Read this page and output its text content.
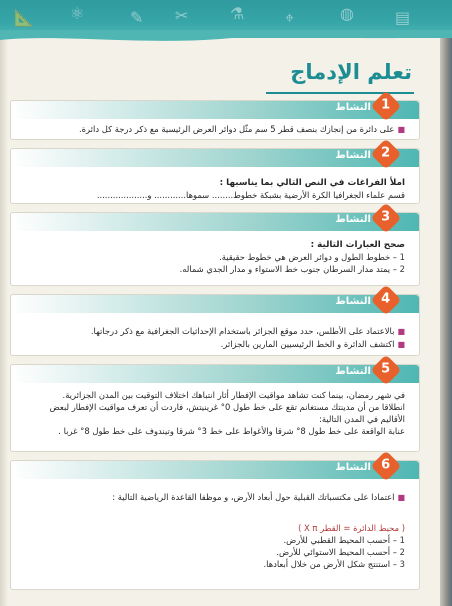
📐 ⚛	✎ ✂	⚗	⌖	◍	▤
تعلم الإدماج
النشاط 1
■على دائرة من إنجازك بنصف قطر 5 سم مثّل دوائر العرض الرئيسية مع ذكر درجة كل دائرة.
النشاط 2
املأ الفراغات في النص التالي بما يناسبها :
قسم علماء الجغرافيا الكرة الأرضية بشبكة خطوط........ سموها............ و...................
النشاط 3
صحح العبارات التالية :
1 – خطوط الطول و دوائر العرض هي خطوط حقيقية.
2 – يمتد مدار السرطان جنوب خط الاستواء و مدار الجدي شماله.
النشاط 4
■بالاعتماد على الأطلس، حدد موقع الجزائر باستخدام الإحداثيات الجغرافية مع ذكر درجاتها.
■اكتشف الدائرة و الخط الرئيسيين المارين بالجزائر.
النشاط 5
في شهر رمضان، بينما كنت تشاهد مواقيت الإفطار أثار انتباهك اختلاف التوقيت بين المدن الجزائرية.
انطلاقا من أن مدينتك مستغانم تقع على خط طول 0° غرينيتش، فاردت أن تعرف مواقيت الإفطار لبعض
الأقاليم في المدن التالية:
عنابة الواقعة على خط طول 8° شرقا والأغواط على خط 3° شرقا وتيندوف على خط طول 8° غربا .
النشاط 6
■اعتمادا على مكتسباتك القبلية حول أبعاد الأرض، و موظفا القاعدة الرياضية التالية :
( محيط الدائرة = القطر X π )
1 – أحسب المحيط القطبي للأرض.
2 – أحسب المحيط الاستوائي للأرض.
3 – استنتج شكل الأرض من خلال أبعادها.
